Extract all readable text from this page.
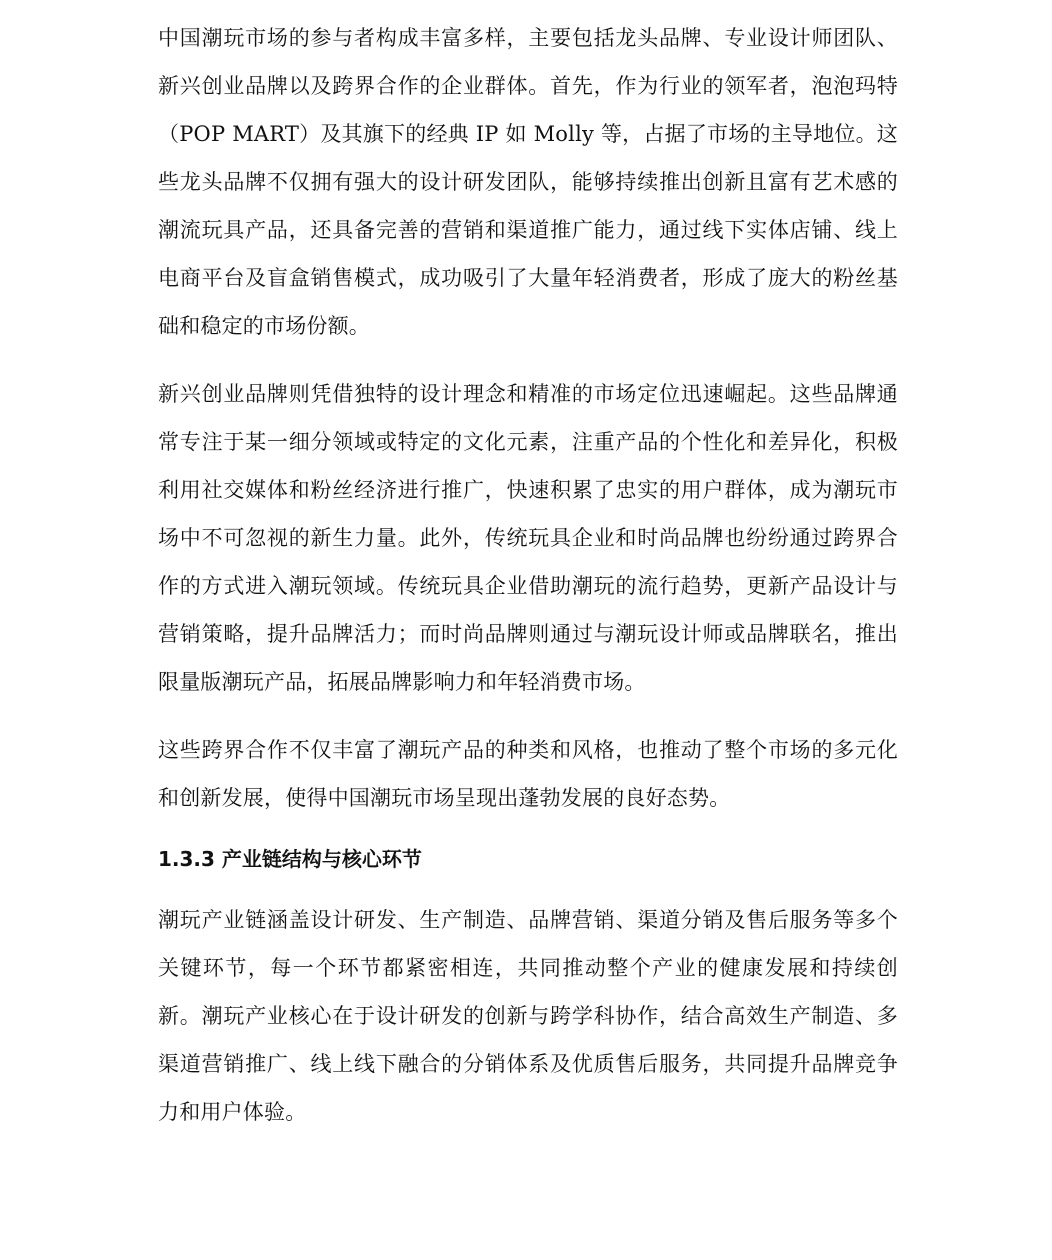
中国潮玩市场的参与者构成丰富多样，主要包括龙头品牌、专业设计师团队、新兴创业品牌以及跨界合作的企业群体。首先，作为行业的领军者，泡泡玛特（POP MART）及其旗下的经典 IP 如 Molly 等，占据了市场的主导地位。这些龙头品牌不仅拥有强大的设计研发团队，能够持续推出创新且富有艺术感的潮流玩具产品，还具备完善的营销和渠道推广能力，通过线下实体店铺、线上电商平台及盲盒销售模式，成功吸引了大量年轻消费者，形成了庞大的粉丝基础和稳定的市场份额。

新兴创业品牌则凭借独特的设计理念和精准的市场定位迅速崛起。这些品牌通常专注于某一细分领域或特定的文化元素，注重产品的个性化和差异化，积极利用社交媒体和粉丝经济进行推广，快速积累了忠实的用户群体，成为潮玩市场中不可忽视的新生力量。此外，传统玩具企业和时尚品牌也纷纷通过跨界合作的方式进入潮玩领域。传统玩具企业借助潮玩的流行趋势，更新产品设计与营销策略，提升品牌活力；而时尚品牌则通过与潮玩设计师或品牌联名，推出限量版潮玩产品，拓展品牌影响力和年轻消费市场。

这些跨界合作不仅丰富了潮玩产品的种类和风格，也推动了整个市场的多元化和创新发展，使得中国潮玩市场呈现出蓬勃发展的良好态势。

1.3.3 产业链结构与核心环节

潮玩产业链涵盖设计研发、生产制造、品牌营销、渠道分销及售后服务等多个关键环节，每一个环节都紧密相连，共同推动整个产业的健康发展和持续创新。潮玩产业核心在于设计研发的创新与跨学科协作，结合高效生产制造、多渠道营销推广、线上线下融合的分销体系及优质售后服务，共同提升品牌竞争力和用户体验。
